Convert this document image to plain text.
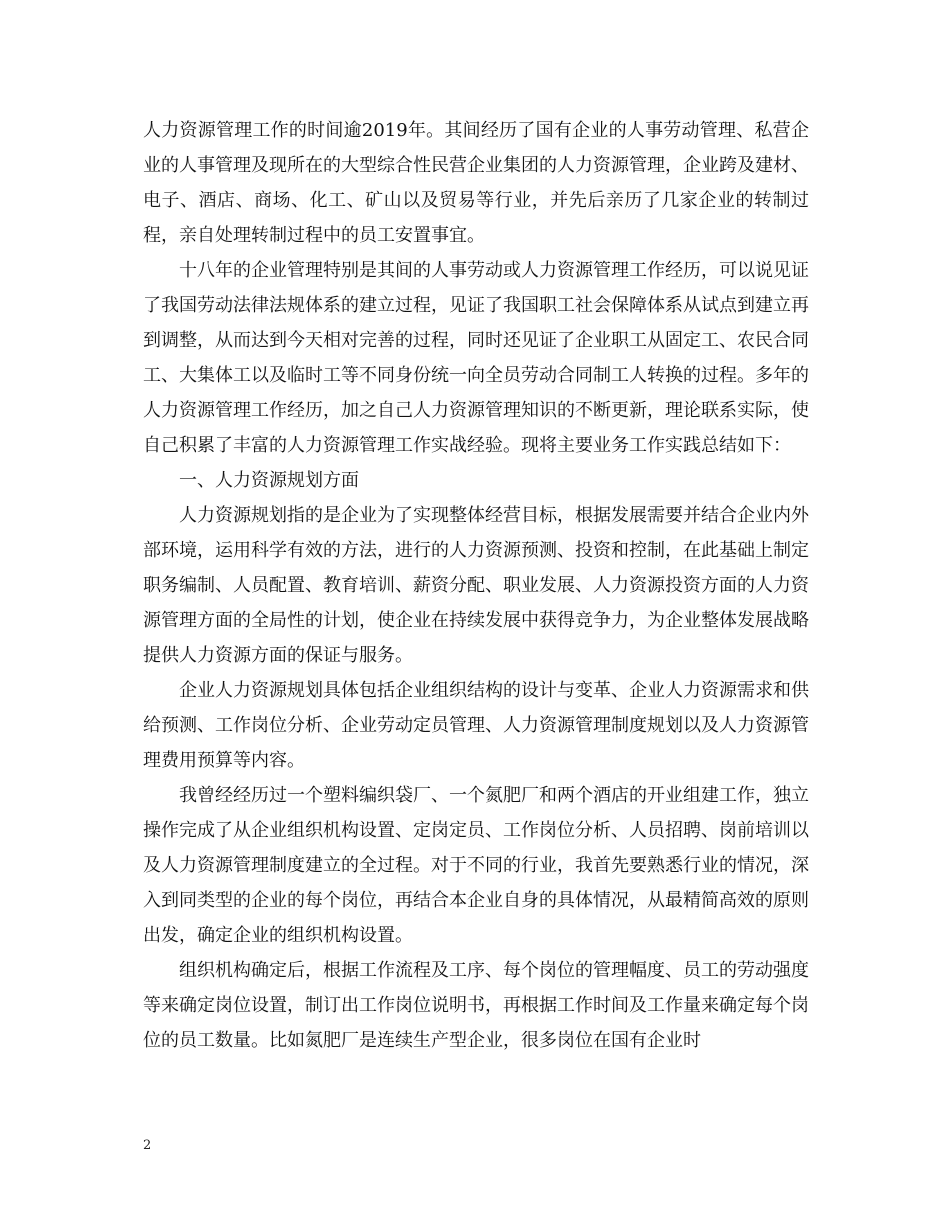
人力资源管理工作的时间逾2019年。其间经历了国有企业的人事劳动管理、私营企业的人事管理及现所在的大型综合性民营企业集团的人力资源管理，企业跨及建材、电子、酒店、商场、化工、矿山以及贸易等行业，并先后亲历了几家企业的转制过程，亲自处理转制过程中的员工安置事宜。

十八年的企业管理特别是其间的人事劳动或人力资源管理工作经历，可以说见证了我国劳动法律法规体系的建立过程，见证了我国职工社会保障体系从试点到建立再到调整，从而达到今天相对完善的过程，同时还见证了企业职工从固定工、农民合同工、大集体工以及临时工等不同身份统一向全员劳动合同制工人转换的过程。多年的人力资源管理工作经历，加之自己人力资源管理知识的不断更新，理论联系实际，使自己积累了丰富的人力资源管理工作实战经验。现将主要业务工作实践总结如下：

一、人力资源规划方面

人力资源规划指的是企业为了实现整体经营目标，根据发展需要并结合企业内外部环境，运用科学有效的方法，进行的人力资源预测、投资和控制，在此基础上制定职务编制、人员配置、教育培训、薪资分配、职业发展、人力资源投资方面的人力资源管理方面的全局性的计划，使企业在持续发展中获得竞争力，为企业整体发展战略提供人力资源方面的保证与服务。

企业人力资源规划具体包括企业组织结构的设计与变革、企业人力资源需求和供给预测、工作岗位分析、企业劳动定员管理、人力资源管理制度规划以及人力资源管理费用预算等内容。

我曾经经历过一个塑料编织袋厂、一个氮肥厂和两个酒店的开业组建工作，独立操作完成了从企业组织机构设置、定岗定员、工作岗位分析、人员招聘、岗前培训以及人力资源管理制度建立的全过程。对于不同的行业，我首先要熟悉行业的情况，深入到同类型的企业的每个岗位，再结合本企业自身的具体情况，从最精简高效的原则出发，确定企业的组织机构设置。

组织机构确定后，根据工作流程及工序、每个岗位的管理幅度、员工的劳动强度等来确定岗位设置，制订出工作岗位说明书，再根据工作时间及工作量来确定每个岗位的员工数量。比如氮肥厂是连续生产型企业，很多岗位在国有企业时

2
